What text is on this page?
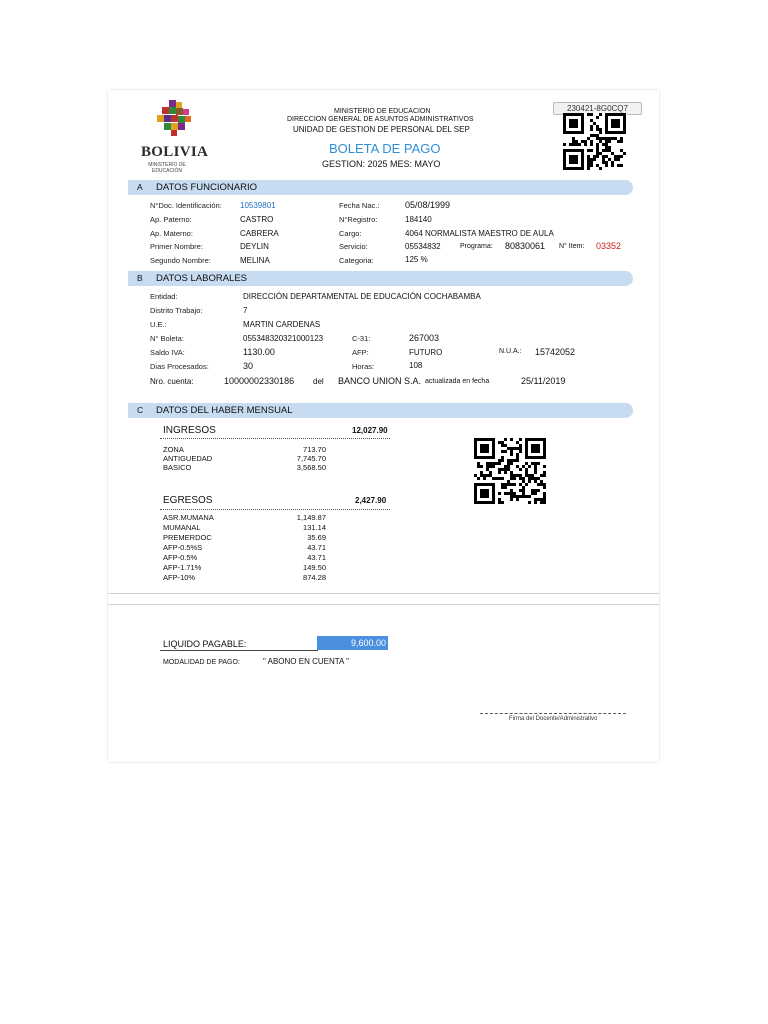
BOLIVIA
MINISTERIO DE EDUCACIÓN
MINISTERIO DE EDUCACION
DIRECCION GENERAL DE ASUNTOS ADMINISTRATIVOS
UNIDAD DE GESTION DE PERSONAL DEL SEP
BOLETA DE PAGO
GESTION: 2025 MES: MAYO
230421-8G0CQ7
A DATOS FUNCIONARIO
N°Doc. Identificación: 10539801
Ap. Paterno:	CASTRO
Ap. Materno:	CABRERA
Primer Nombre:	DEYLIN
Segundo Nombre:	MELINA
Fecha Nac.:	05/08/1999
N°Registro:	184140
Cargo:	4064 NORMALISTA MAESTRO DE AULA
Servicio:	05534832	Programa: 80830061 N° Item: 03352
Categoria:	125 %
B DATOS LABORALES
Entidad:	DIRECCIÓN DEPARTAMENTAL DE EDUCACIÓN COCHABAMBA
Distrito Trabajo:	7
U.E.:	MARTIN CARDENAS
N° Boleta:	055348320321000123
Saldo IVA:	1130.00
Dias Procesados:	30
C-31:	267003
AFP:	FUTURO	N.U.A.: 15742052
Horas:	108
Nro. cuenta:	10000002330186 del BANCO UNION S.A. actualizada en fecha	25/11/2019
C DATOS DEL HABER MENSUAL
INGRESOS	12,027.90
ZONA	713.70
ANTIGUEDAD	7,745.70
BASICO	3,568.50
EGRESOS	2,427.90
ASR.MUMANA	1,149.87
MUMANAL	131.14
PREMERDOC	35.69
AFP-0.5%S	43.71
AFP-0.5%	43.71
AFP-1.71%	149.50
AFP-10%	874.28
LIQUIDO PAGABLE:	9,600.00
MODALIDAD DE PAGO:	" ABONO EN CUENTA "
Firma del Docente/Administrativo
